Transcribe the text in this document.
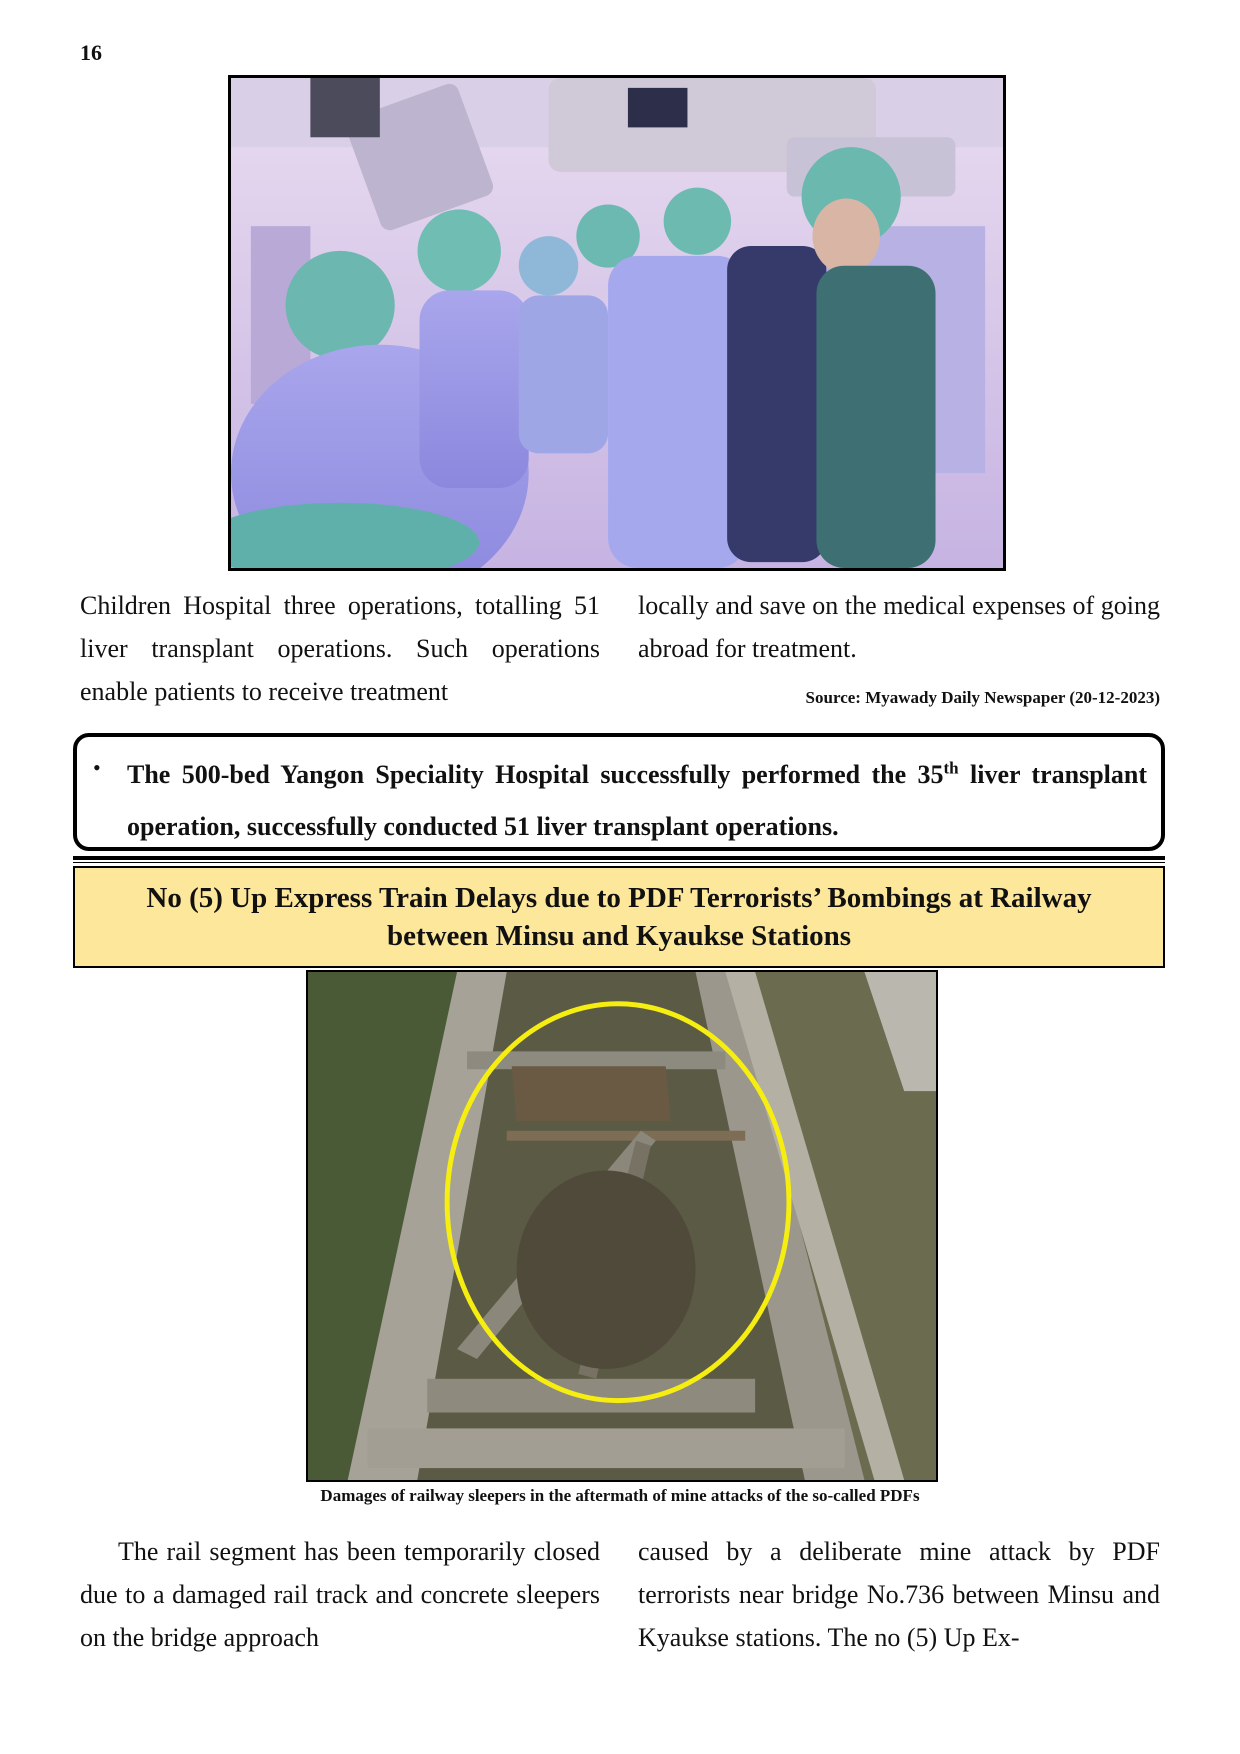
16

Children Hospital three operations, totalling 51 liver transplant operations. Such operations enable patients to receive treatment

locally and save on the medical expenses of going abroad for treatment.

Source: Myawady Daily Newspaper (20-12-2023)
• The 500-bed Yangon Speciality Hospital successfully performed the 35th liver transplant operation, successfully conducted 51 liver transplant operations.
No (5) Up Express Train Delays due to PDF Terrorists’ Bombings at Railway between Minsu and Kyaukse Stations
Damages of railway sleepers in the aftermath of mine attacks of the so-called PDFs

The rail segment has been temporarily closed due to a damaged rail track and concrete sleepers on the bridge approach

caused by a deliberate mine attack by PDF terrorists near bridge No.736 between Minsu and Kyaukse stations. The no (5) Up Ex-
